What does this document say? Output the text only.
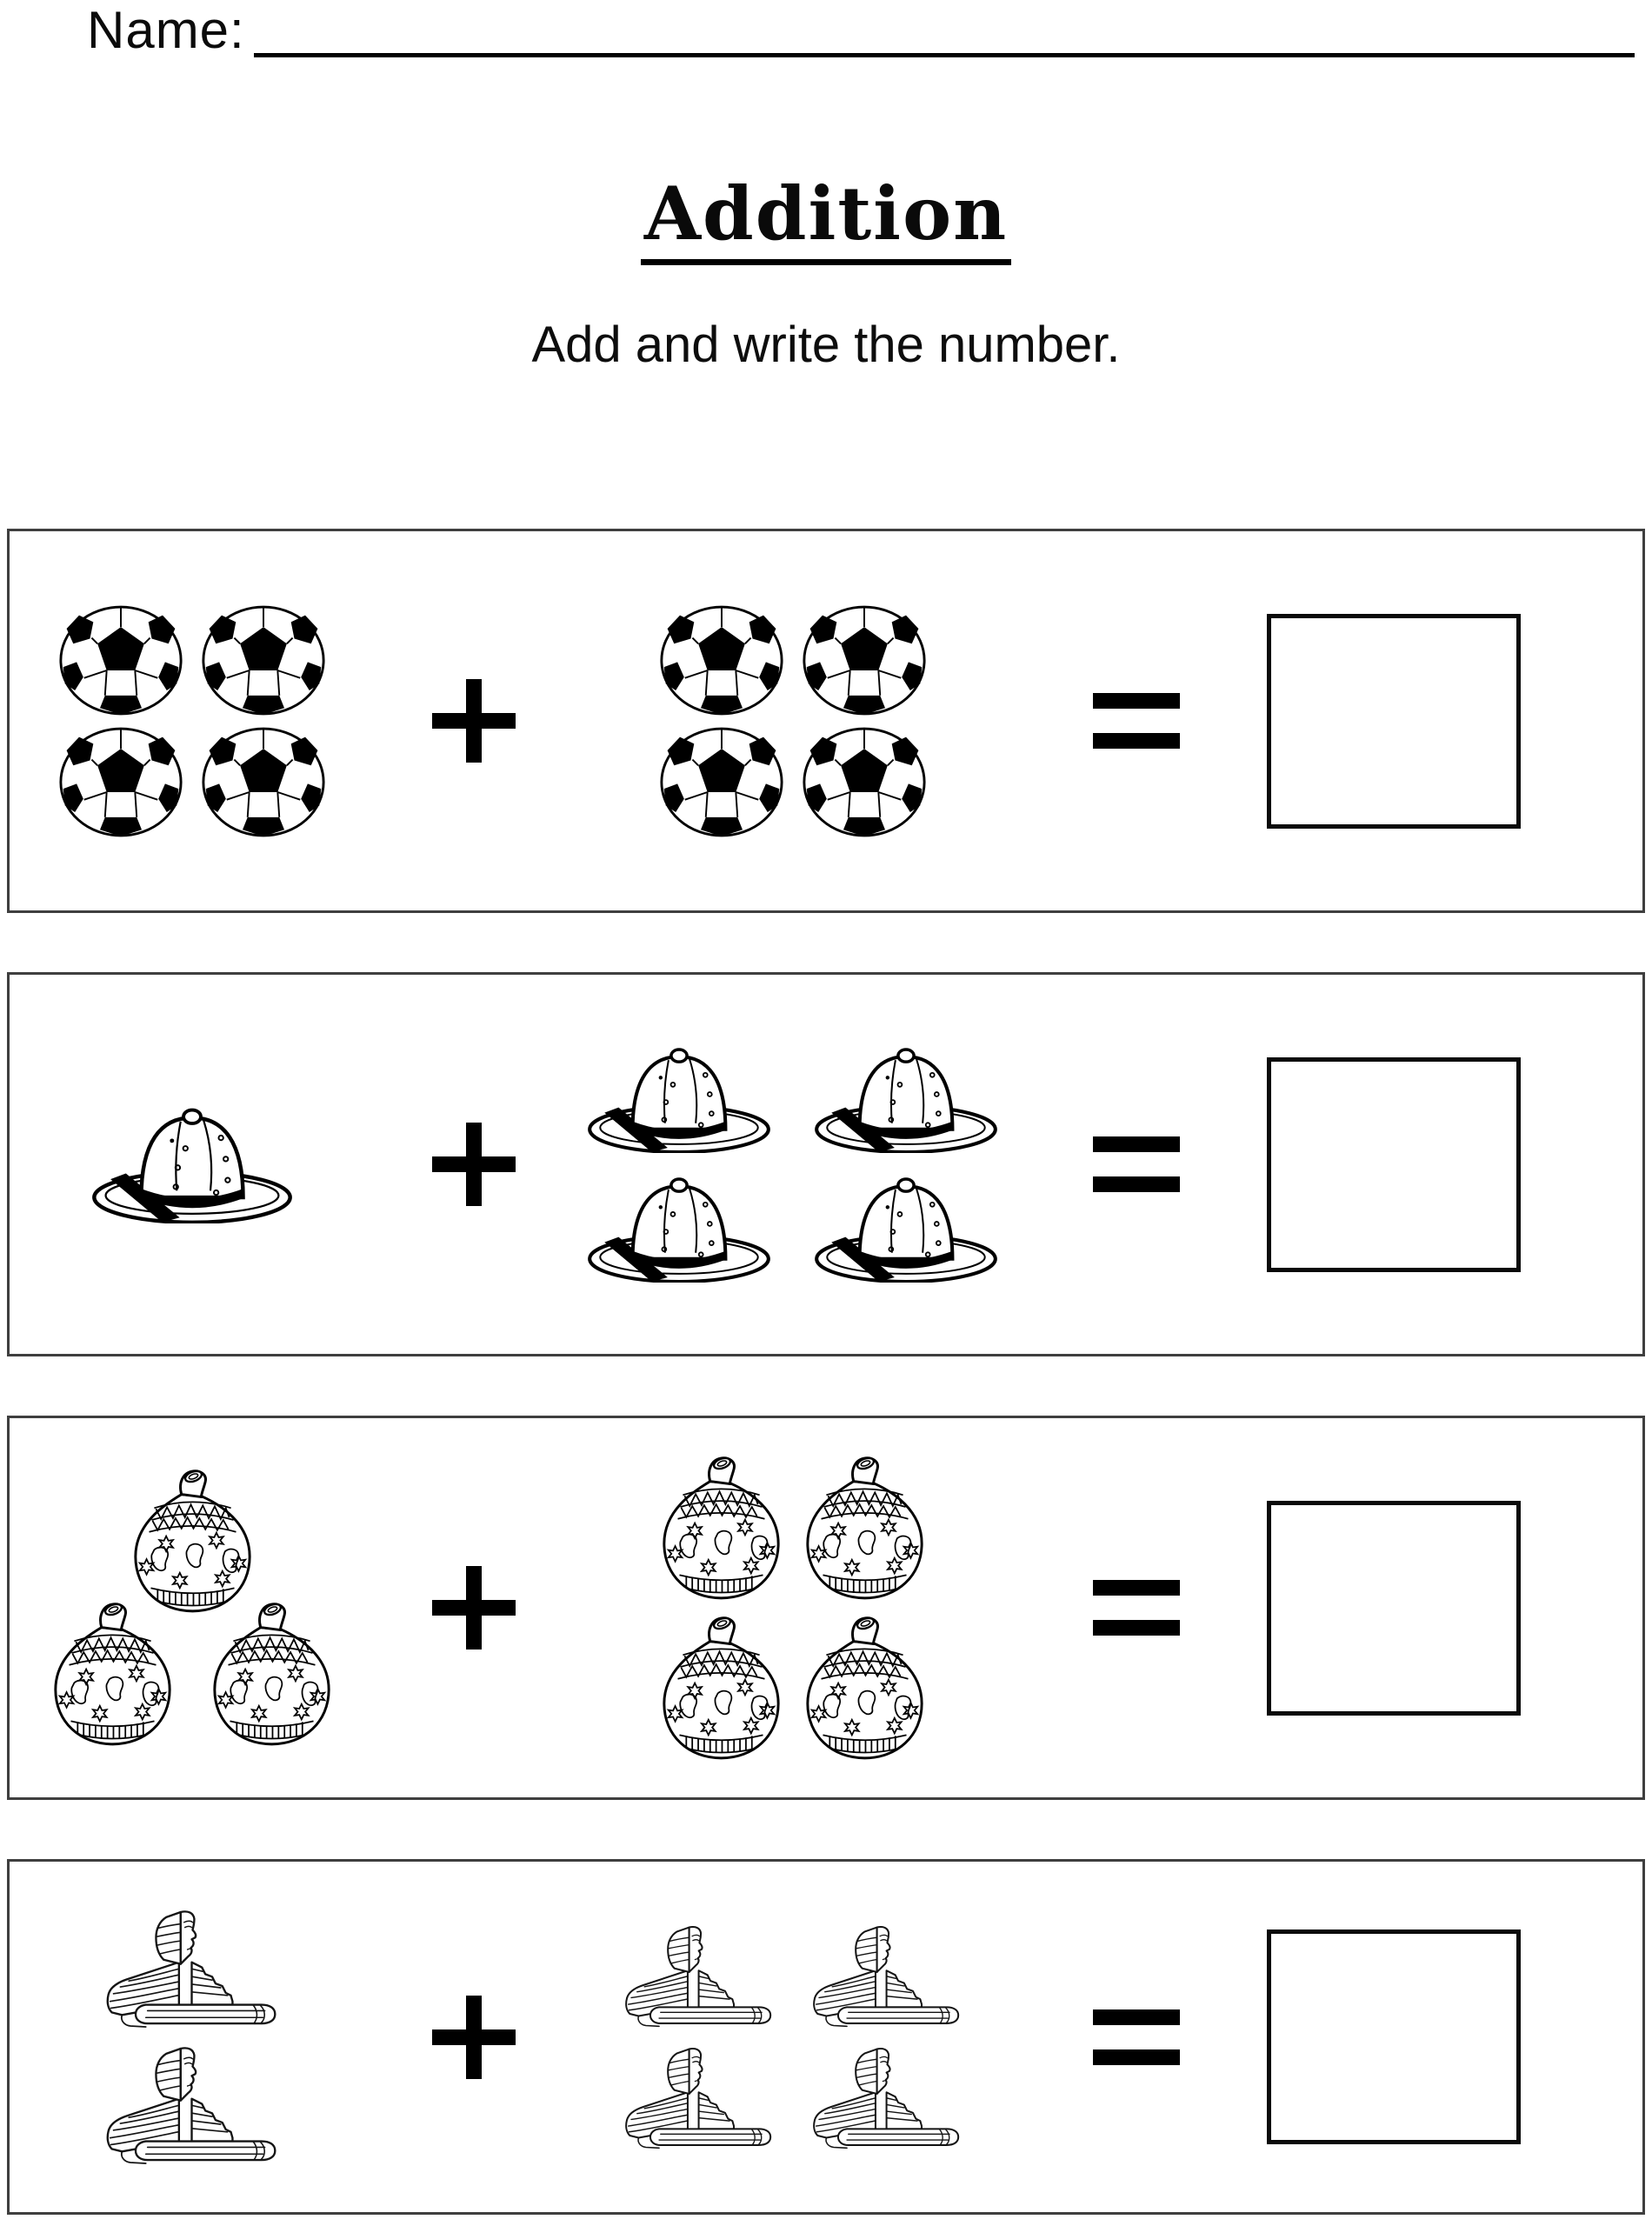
Name:
Addition
Add and write the number.
